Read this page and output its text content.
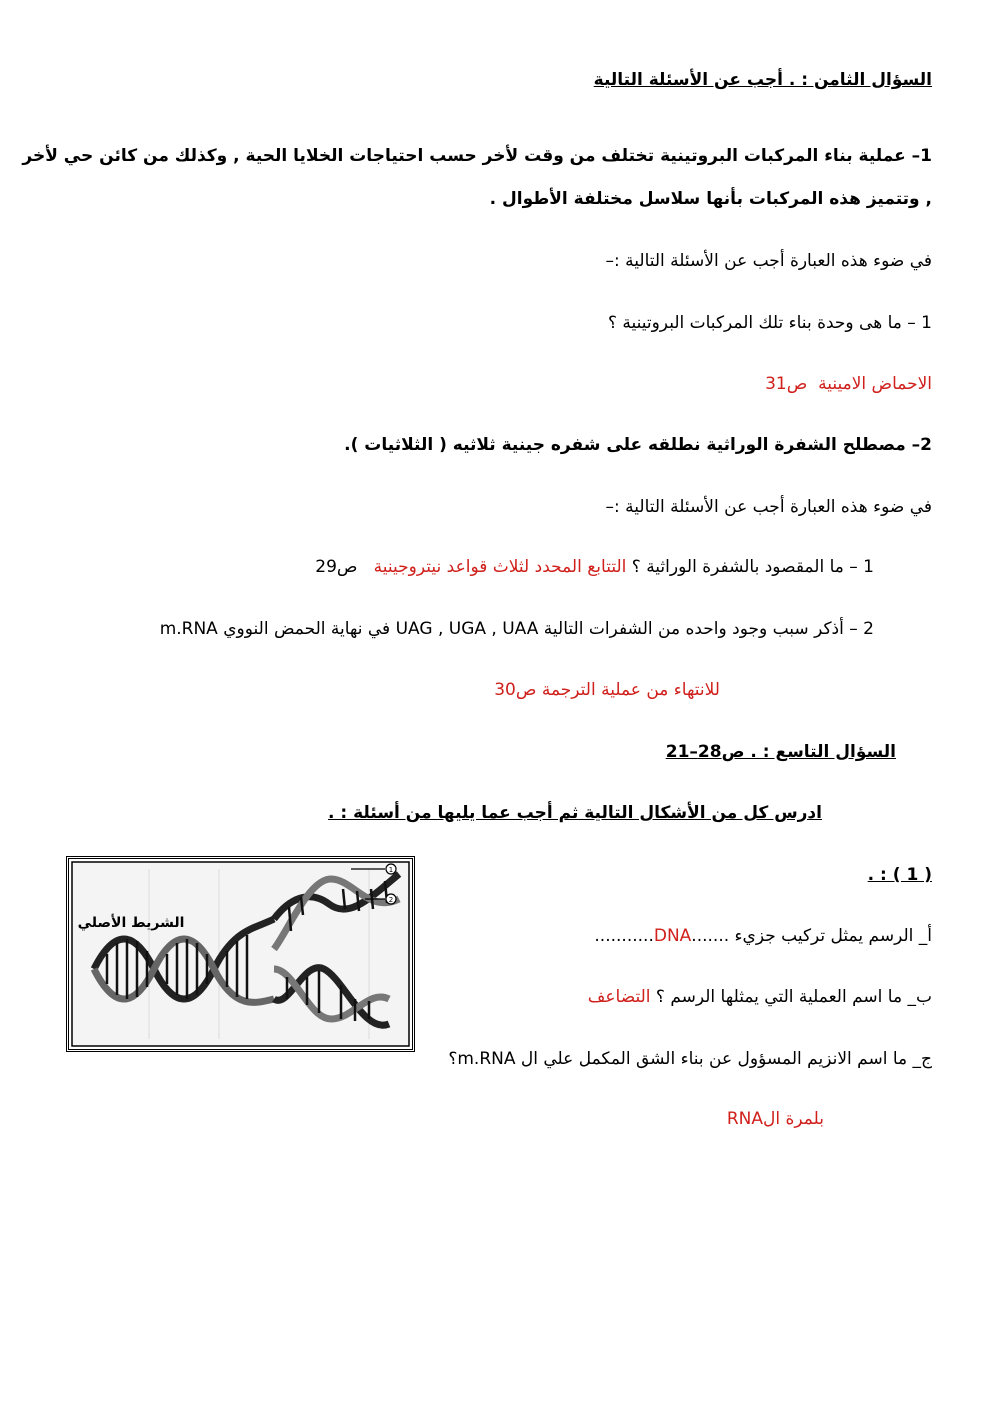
السؤال الثامن : . أجب عن الأسئلة التالية
1– عملية بناء المركبات البروتينية تختلف من وقت لأخر حسب احتياجات الخلايا الحية , وكذلك من كائن حي لأخر
, وتتميز هذه المركبات بأنها سلاسل مختلفة الأطوال .
في ضوء هذه العبارة أجب عن الأسئلة التالية :–
1 – ما هى وحدة بناء تلك المركبات البروتينية ؟
الاحماض الامينية  ص31
2– مصطلح الشفرة الوراثية نطلقه على شفره جينية ثلاثيه ( الثلاثيات ).
في ضوء هذه العبارة أجب عن الأسئلة التالية :–
1 – ما المقصود بالشفرة الوراثية ؟ التتابع المحدد لثلاث قواعد نيتروجينية   ص29
2 – أذكر سبب وجود واحده من الشفرات التالية UAG , UGA , UAA في نهاية الحمض النووي m.RNA
للانتهاء من عملية الترجمة ص30
السؤال التاسع : . ص28–21
ادرس كل من الأشكال التالية ثم أجب عما يليها من أسئلة : .
( 1 ) : .
أ_ الرسم يمثل تركيب جزيء .......DNA...........
ب_ ما اسم العملية التي يمثلها الرسم ؟ التضاعف
ج_ ما اسم الانزيم المسؤول عن بناء الشق المكمل علي ال m.RNA؟
بلمرة الRNA
الشريط الأصلي
1
2
